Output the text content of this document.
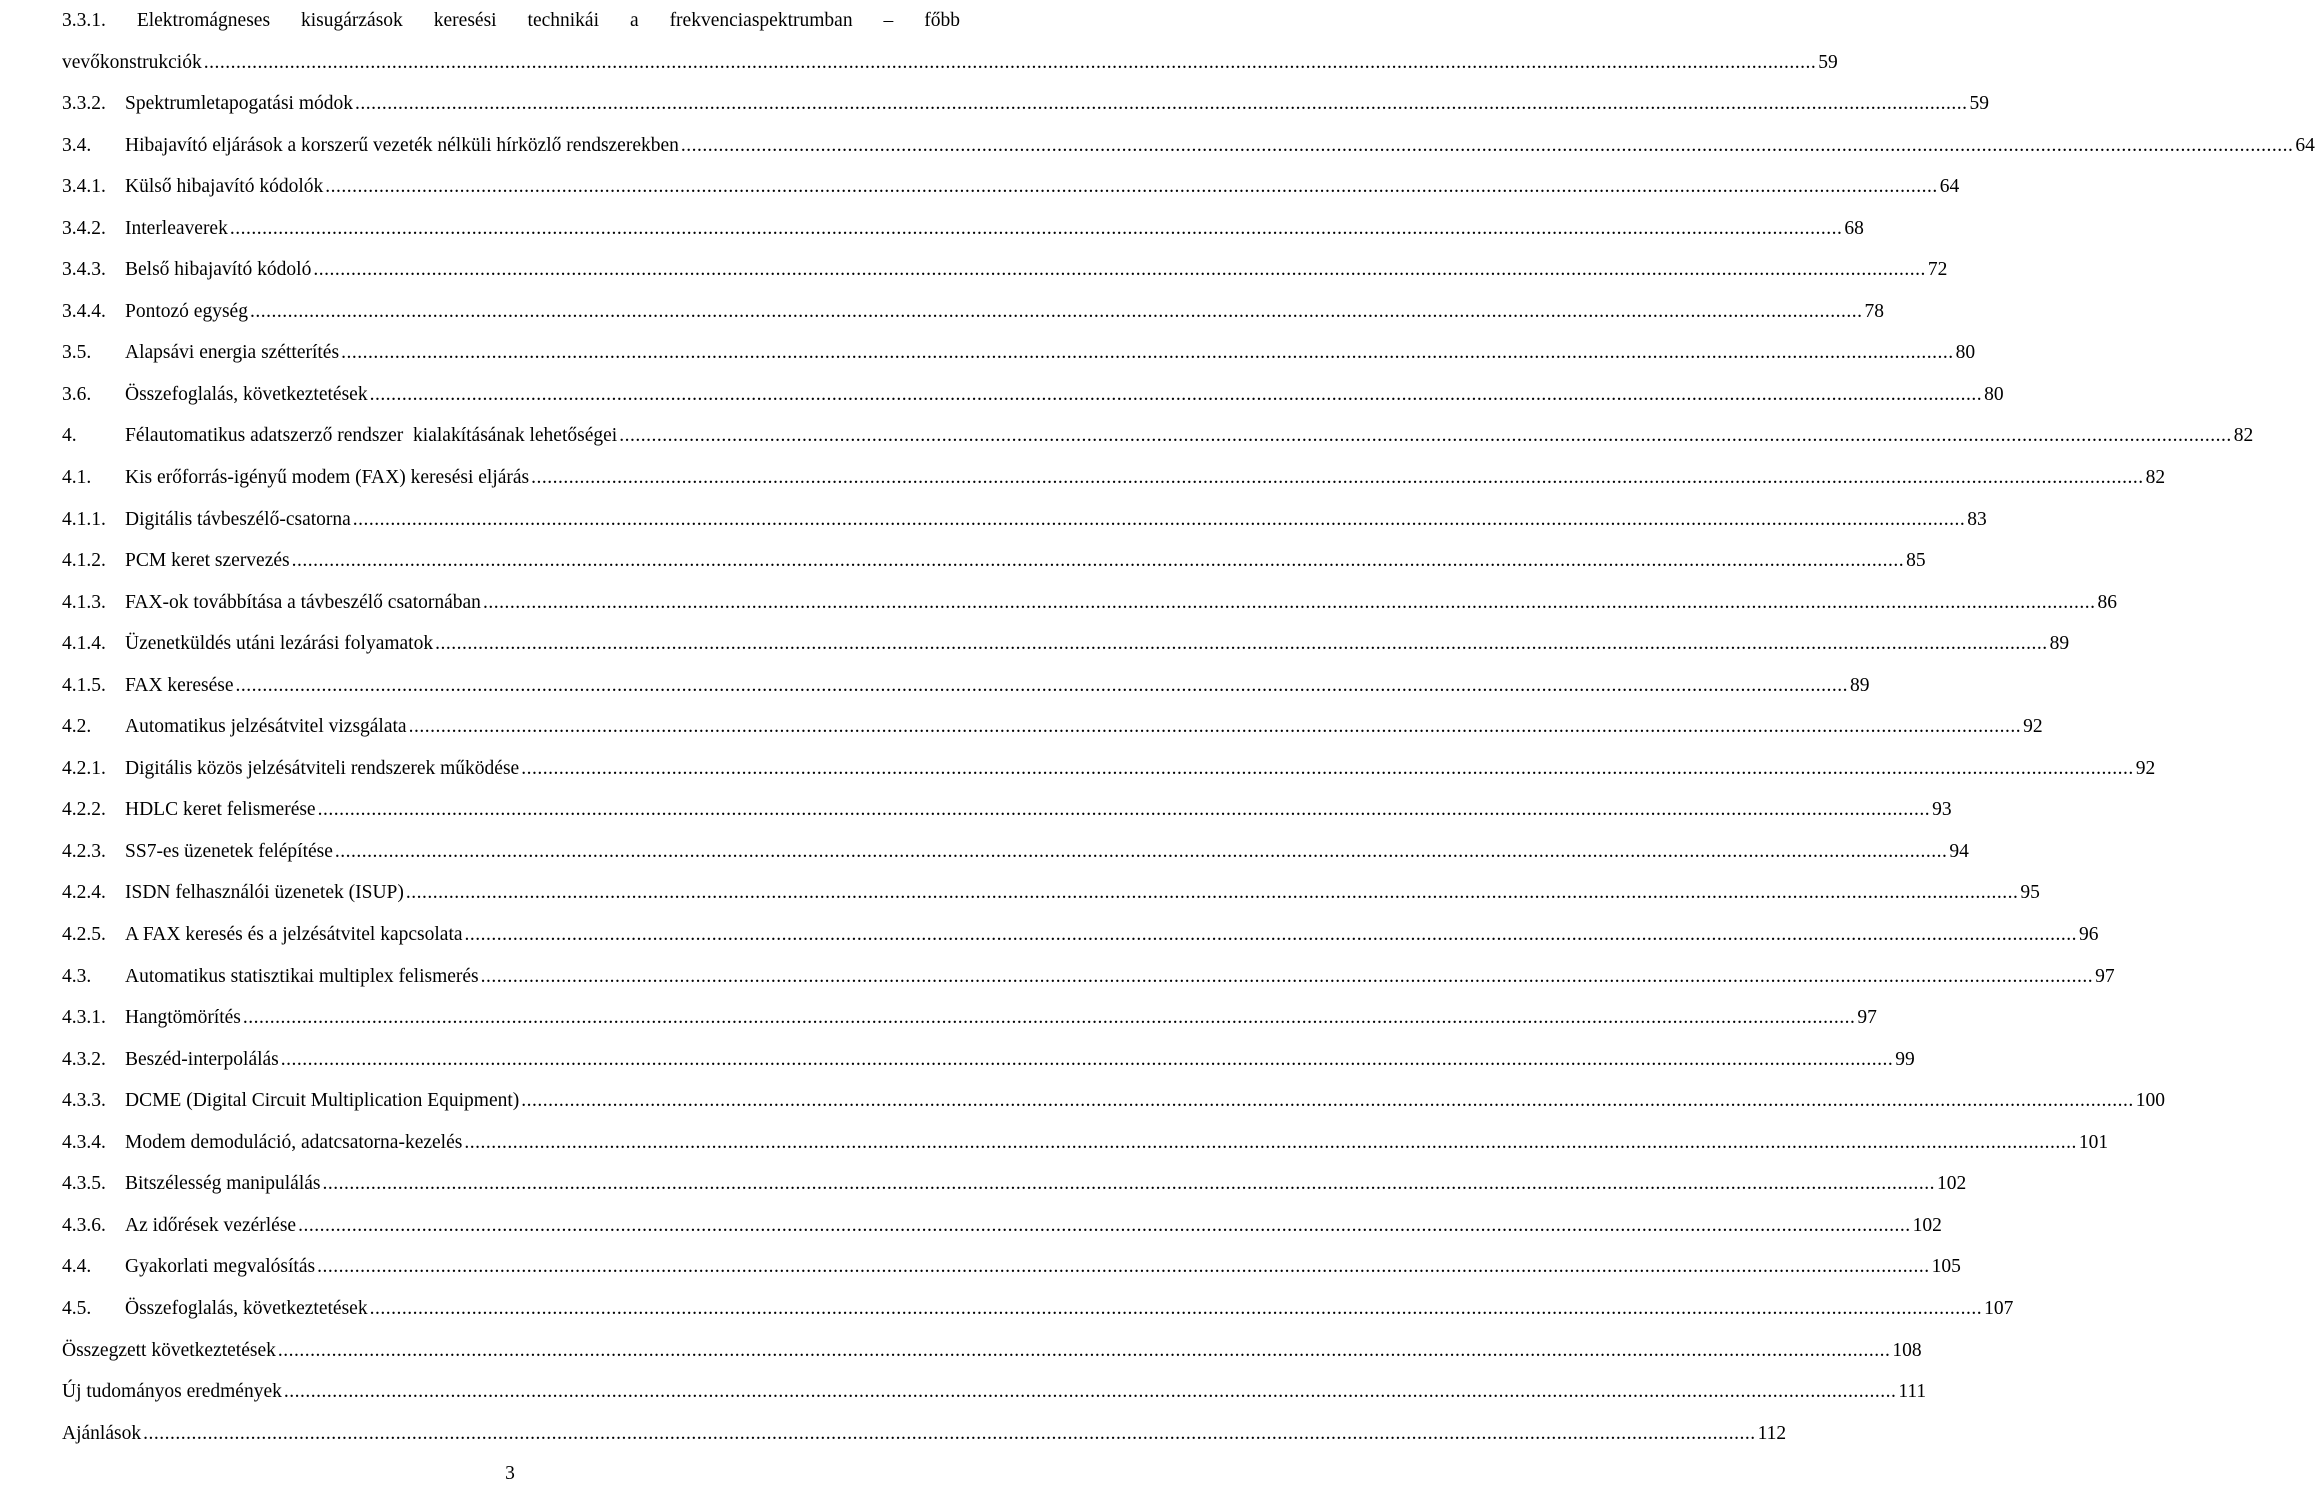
3.3.1. Elektromágneses kisugárzások keresési technikái a frekvenciaspektrumban – főbb
vevőkonstrukciók ............................................................................................................................................................................................................................................................................................................ 59
3.3.2. Spektrumletapogatási módok ............................................................................................................................................................................................................................................................................................................ 59
3.4.	Hibajavító eljárások a korszerű vezeték nélküli hírközlő rendszerekben ............................................................................................................................................................................................................................................................................................................ 64
3.4.1. Külső hibajavító kódolók ............................................................................................................................................................................................................................................................................................................ 64
3.4.2. Interleaverek ............................................................................................................................................................................................................................................................................................................ 68
3.4.3. Belső hibajavító kódoló ............................................................................................................................................................................................................................................................................................................ 72
3.4.4. Pontozó egység ............................................................................................................................................................................................................................................................................................................ 78
3.5.	Alapsávi energia szétterítés ............................................................................................................................................................................................................................................................................................................ 80
3.6.	Összefoglalás, következtetések ............................................................................................................................................................................................................................................................................................................ 80
4.	Félautomatikus adatszerző rendszer  kialakításának lehetőségei ............................................................................................................................................................................................................................................................................................................ 82
4.1.	Kis erőforrás-igényű modem (FAX) keresési eljárás ............................................................................................................................................................................................................................................................................................................ 82
4.1.1. Digitális távbeszélő-csatorna ............................................................................................................................................................................................................................................................................................................ 83
4.1.2. PCM keret szervezés ............................................................................................................................................................................................................................................................................................................ 85
4.1.3. FAX-ok továbbítása a távbeszélő csatornában ............................................................................................................................................................................................................................................................................................................ 86
4.1.4. Üzenetküldés utáni lezárási folyamatok ............................................................................................................................................................................................................................................................................................................ 89
4.1.5. FAX keresése ............................................................................................................................................................................................................................................................................................................ 89
4.2.	Automatikus jelzésátvitel vizsgálata ............................................................................................................................................................................................................................................................................................................ 92
4.2.1. Digitális közös jelzésátviteli rendszerek működése ............................................................................................................................................................................................................................................................................................................ 92
4.2.2. HDLC keret felismerése ............................................................................................................................................................................................................................................................................................................ 93
4.2.3. SS7-es üzenetek felépítése ............................................................................................................................................................................................................................................................................................................ 94
4.2.4. ISDN felhasználói üzenetek (ISUP) ............................................................................................................................................................................................................................................................................................................ 95
4.2.5. A FAX keresés és a jelzésátvitel kapcsolata ............................................................................................................................................................................................................................................................................................................ 96
4.3.	Automatikus statisztikai multiplex felismerés ............................................................................................................................................................................................................................................................................................................ 97
4.3.1. Hangtömörítés ............................................................................................................................................................................................................................................................................................................ 97
4.3.2. Beszéd-interpolálás ............................................................................................................................................................................................................................................................................................................ 99
4.3.3. DCME (Digital Circuit Multiplication Equipment) ............................................................................................................................................................................................................................................................................................................ 100
4.3.4. Modem demoduláció, adatcsatorna-kezelés ............................................................................................................................................................................................................................................................................................................ 101
4.3.5. Bitszélesség manipulálás ............................................................................................................................................................................................................................................................................................................ 102
4.3.6. Az időrések vezérlése ............................................................................................................................................................................................................................................................................................................ 102
4.4.	Gyakorlati megvalósítás ............................................................................................................................................................................................................................................................................................................ 105
4.5.	Összefoglalás, következtetések ............................................................................................................................................................................................................................................................................................................ 107
Összegzett következtetések ............................................................................................................................................................................................................................................................................................................ 108
Új tudományos eredmények ............................................................................................................................................................................................................................................................................................................ 111
Ajánlások ............................................................................................................................................................................................................................................................................................................ 112
3
